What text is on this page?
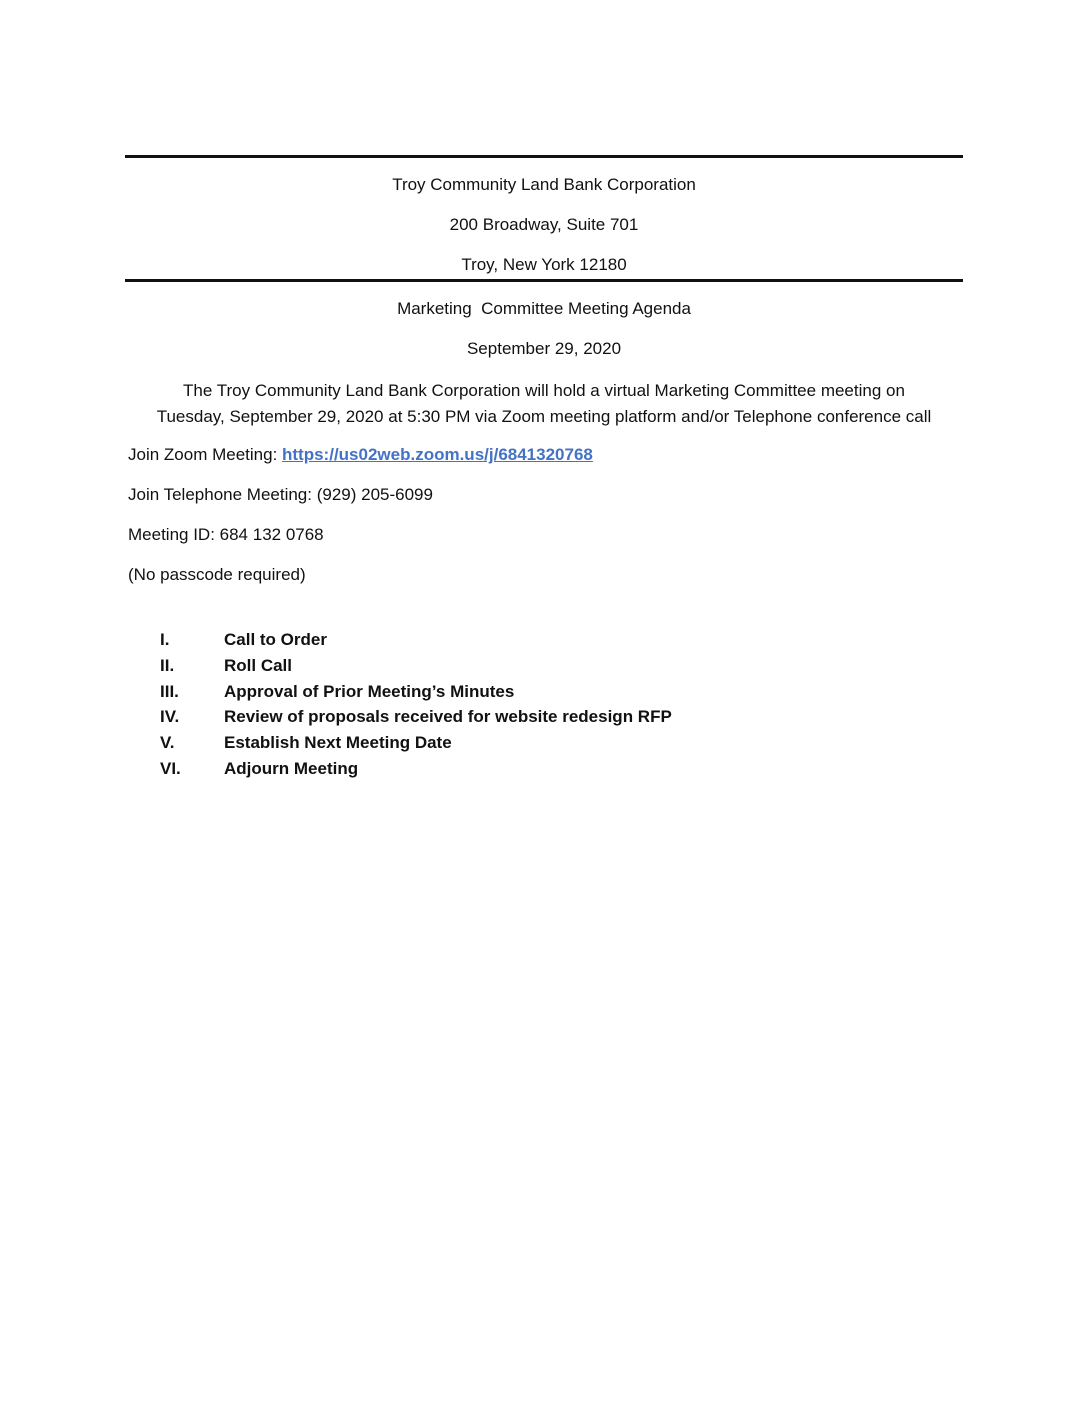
Troy Community Land Bank Corporation
200 Broadway, Suite 701
Troy, New York 12180
Marketing  Committee Meeting Agenda
September 29, 2020
The Troy Community Land Bank Corporation will hold a virtual Marketing Committee meeting on
Tuesday, September 29, 2020 at 5:30 PM via Zoom meeting platform and/or Telephone conference call
Join Zoom Meeting: https://us02web.zoom.us/j/6841320768
Join Telephone Meeting: (929) 205-6099
Meeting ID: 684 132 0768
(No passcode required)
I.	Call to Order
II.	Roll Call
III.	Approval of Prior Meeting’s Minutes
IV.	Review of proposals received for website redesign RFP
V.	Establish Next Meeting Date
VI.	Adjourn Meeting
